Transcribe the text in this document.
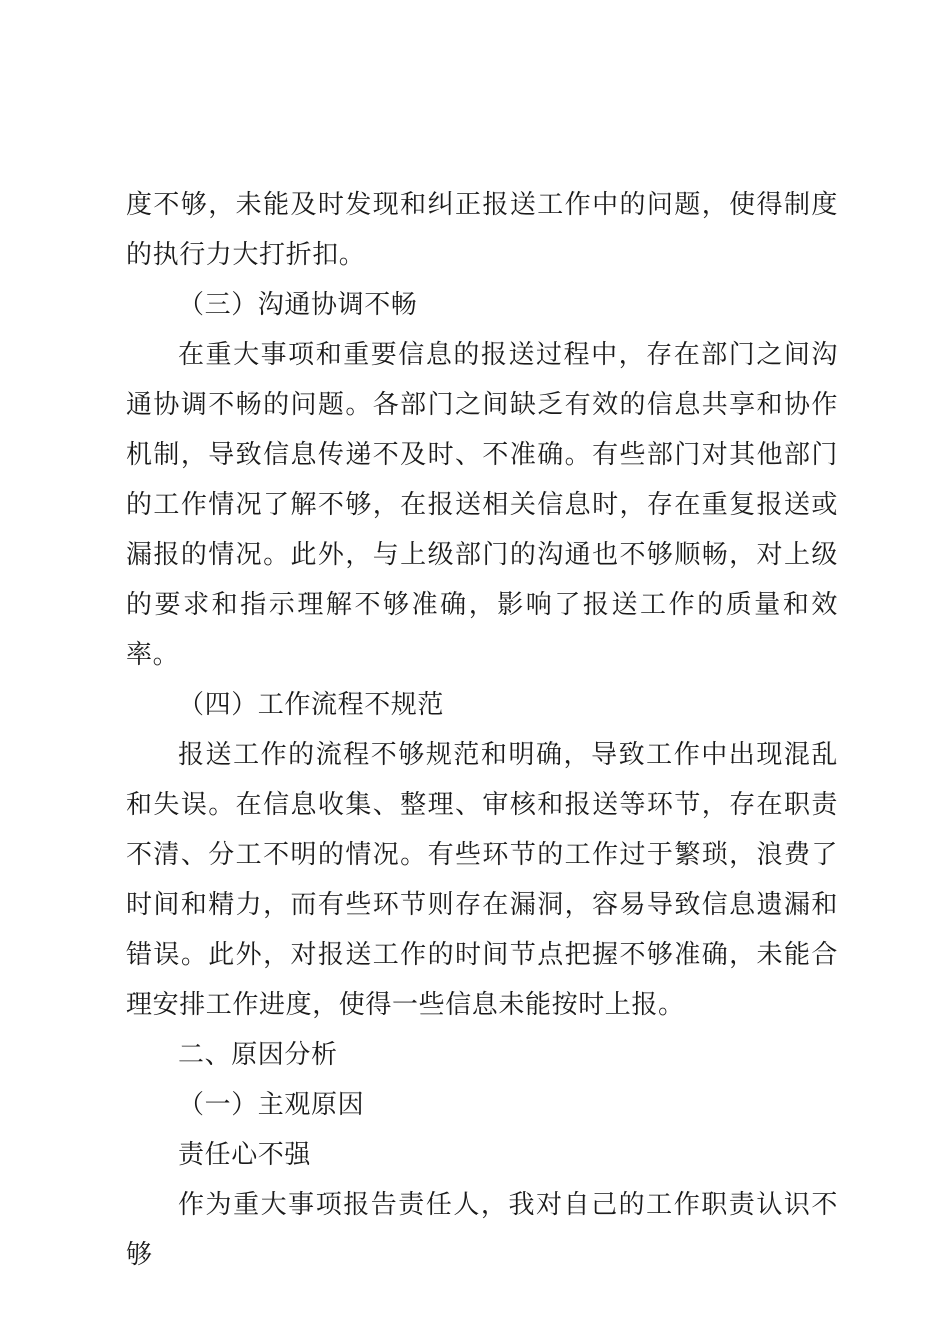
度不够，未能及时发现和纠正报送工作中的问题，使得制度的执行力大打折扣。

（三）沟通协调不畅

在重大事项和重要信息的报送过程中，存在部门之间沟通协调不畅的问题。各部门之间缺乏有效的信息共享和协作机制，导致信息传递不及时、不准确。有些部门对其他部门的工作情况了解不够，在报送相关信息时，存在重复报送或漏报的情况。此外，与上级部门的沟通也不够顺畅，对上级的要求和指示理解不够准确，影响了报送工作的质量和效率。

（四）工作流程不规范

报送工作的流程不够规范和明确，导致工作中出现混乱和失误。在信息收集、整理、审核和报送等环节，存在职责不清、分工不明的情况。有些环节的工作过于繁琐，浪费了时间和精力，而有些环节则存在漏洞，容易导致信息遗漏和错误。此外，对报送工作的时间节点把握不够准确，未能合理安排工作进度，使得一些信息未能按时上报。

二、原因分析

（一）主观原因

责任心不强

作为重大事项报告责任人，我对自己的工作职责认识不够
